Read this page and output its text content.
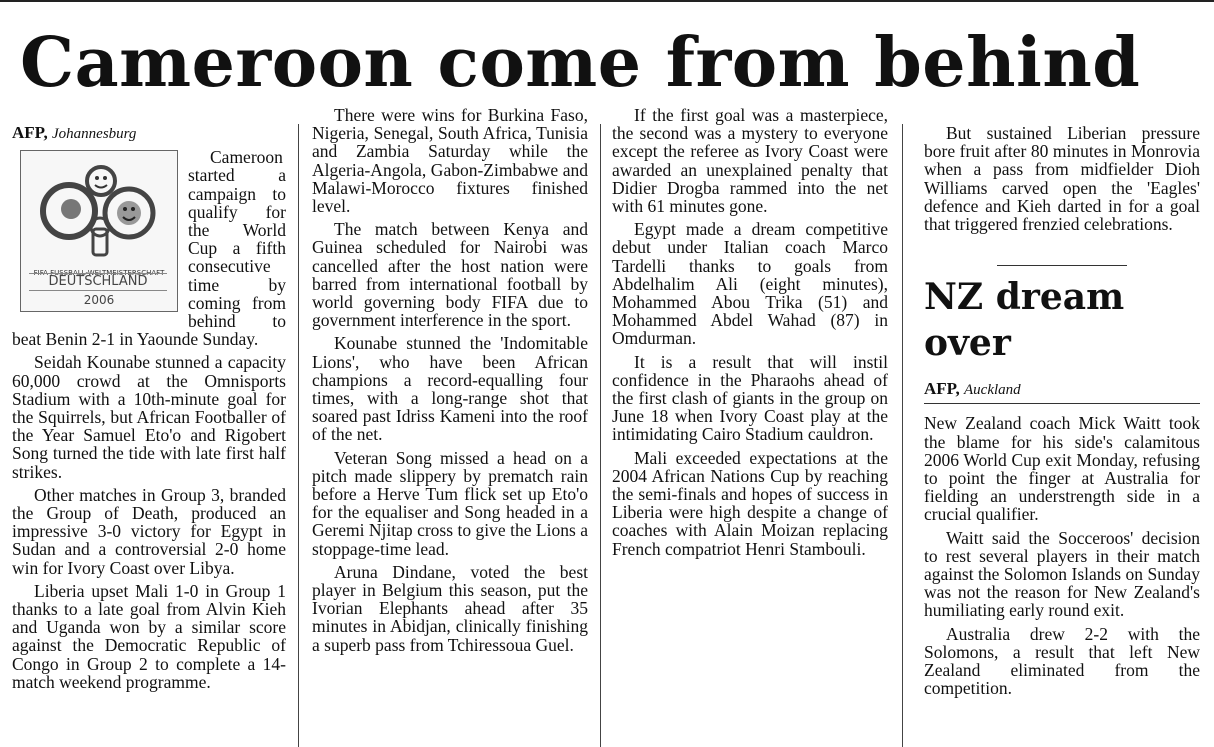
Cameroon come from behind

AFP, Johannesburg

FIFA FUSSBALL-WELTMEISTERSCHAFT
DEUTSCHLAND
2006

Cameroon started a campaign to qualify for the World Cup a fifth consecutive time by coming from behind to beat Benin 2-1 in Yaounde Sunday.

Seidah Kounabe stunned a capacity 60,000 crowd at the Omnisports Stadium with a 10th-minute goal for the Squirrels, but African Footballer of the Year Samuel Eto'o and Rigobert Song turned the tide with late first half strikes.

Other matches in Group 3, branded the Group of Death, produced an impressive 3-0 victory for Egypt in Sudan and a controversial 2-0 home win for Ivory Coast over Libya.

Liberia upset Mali 1-0 in Group 1 thanks to a late goal from Alvin Kieh and Uganda won by a similar score against the Democratic Republic of Congo in Group 2 to complete a 14-match weekend programme.

There were wins for Burkina Faso, Nigeria, Senegal, South Africa, Tunisia and Zambia Saturday while the Algeria-Angola, Gabon-Zimbabwe and Malawi-Morocco fixtures finished level.

The match between Kenya and Guinea scheduled for Nairobi was cancelled after the host nation were barred from international football by world governing body FIFA due to government interference in the sport.

Kounabe stunned the 'Indomitable Lions', who have been African champions a record-equalling four times, with a long-range shot that soared past Idriss Kameni into the roof of the net.

Veteran Song missed a head on a pitch made slippery by prematch rain before a Herve Tum flick set up Eto'o for the equaliser and Song headed in a Geremi Njitap cross to give the Lions a stoppage-time lead.

Aruna Dindane, voted the best player in Belgium this season, put the Ivorian Elephants ahead after 35 minutes in Abidjan, clinically finishing a superb pass from Tchiressoua Guel.

If the first goal was a masterpiece, the second was a mystery to everyone except the referee as Ivory Coast were awarded an unexplained penalty that Didier Drogba rammed into the net with 61 minutes gone.

Egypt made a dream competitive debut under Italian coach Marco Tardelli thanks to goals from Abdelhalim Ali (eight minutes), Mohammed Abou Trika (51) and Mohammed Abdel Wahad (87) in Omdurman.

It is a result that will instil confidence in the Pharaohs ahead of the first clash of giants in the group on June 18 when Ivory Coast play at the intimidating Cairo Stadium cauldron.

Mali exceeded expectations at the 2004 African Nations Cup by reaching the semi-finals and hopes of success in Liberia were high despite a change of coaches with Alain Moizan replacing French compatriot Henri Stambouli.

But sustained Liberian pressure bore fruit after 80 minutes in Monrovia when a pass from midfielder Dioh Williams carved open the 'Eagles' defence and Kieh darted in for a goal that triggered frenzied celebrations.

NZ dream over

AFP, Auckland

New Zealand coach Mick Waitt took the blame for his side's calamitous 2006 World Cup exit Monday, refusing to point the finger at Australia for fielding an understrength side in a crucial qualifier.

Waitt said the Socceroos' decision to rest several players in their match against the Solomon Islands on Sunday was not the reason for New Zealand's humiliating early round exit.

Australia drew 2-2 with the Solomons, a result that left New Zealand eliminated from the competition.
